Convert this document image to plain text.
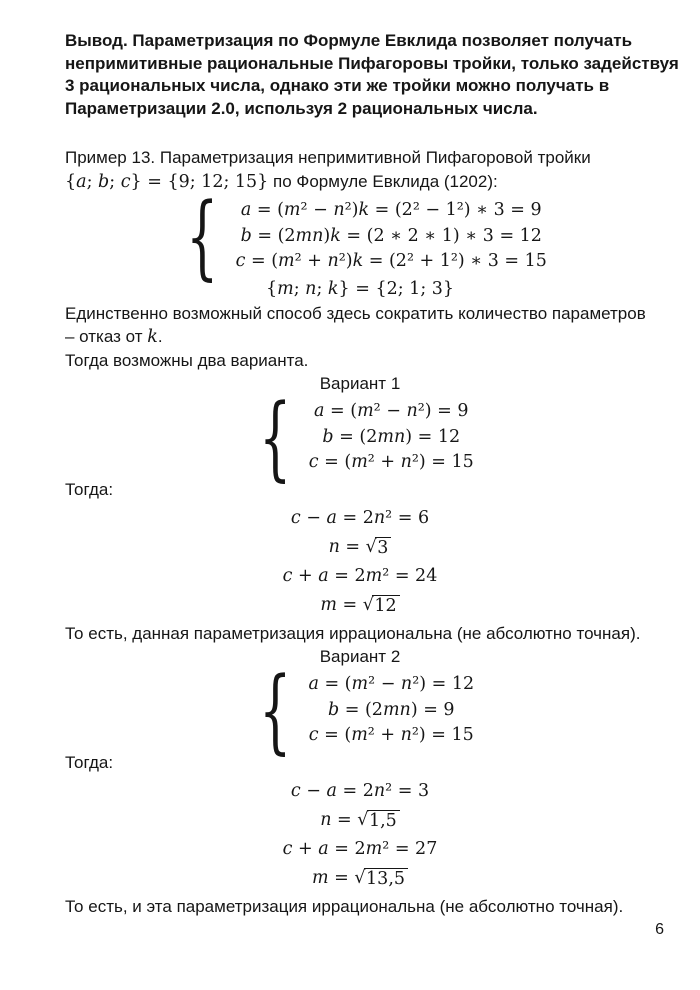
Вывод. Параметризация по Формуле Евклида позволяет получать
непримитивные рациональные Пифагоровы тройки, только задействуя
3 рациональных числа, однако эти же тройки можно получать в
Параметризации 2.0, используя 2 рациональных числа.
Пример 13. Параметризация непримитивной Пифагоровой тройки
{a; b; c} = {9; 12; 15} по Формуле Евклида (1202):
{ a = (m² − n²)k = (2² − 1²) ∗ 3 = 9
b = (2mn)k = (2 ∗ 2 ∗ 1) ∗ 3 = 12
c = (m² + n²)k = (2² + 1²) ∗ 3 = 15
{m; n; k} = {2; 1; 3}
Единственно возможный способ здесь сократить количество параметров
– отказ от k.
Тогда возможны два варианта.
Вариант 1
{ a = (m² − n²) = 9
b = (2mn) = 12
c = (m² + n²) = 15
Тогда:
c − a = 2n² = 6
n = √ 3
c + a = 2m² = 24
m = √ 12
То есть, данная параметризация иррациональна (не абсолютно точная).
Вариант 2
{ a = (m² − n²) = 12
b = (2mn) = 9
c = (m² + n²) = 15
Тогда:
c − a = 2n² = 3
n = √ 1,5
c + a = 2m² = 27
m = √ 13,5
То есть, и эта параметризация иррациональна (не абсолютно точная).
6
